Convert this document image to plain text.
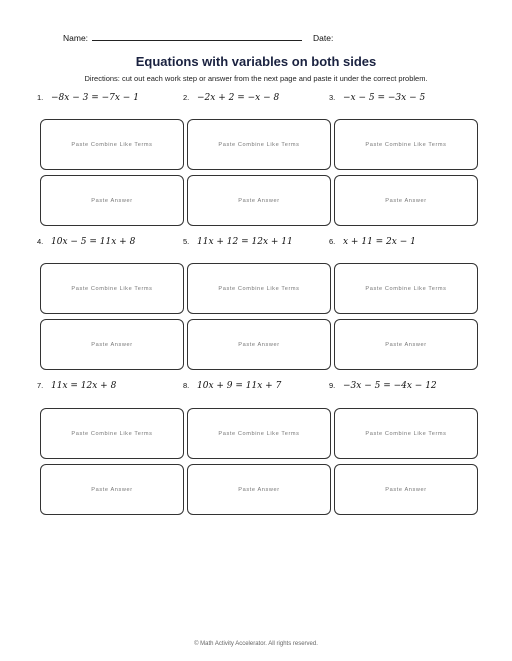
Name:	Date:
Equations with variables on both sides
Directions: cut out each work step or answer from the next page and paste it under the correct problem.
1. −8x − 3 = −7x − 1
Paste Combine Like Terms
Paste Answer
2. −2x + 2 = −x − 8
Paste Combine Like Terms
Paste Answer
3. −x − 5 = −3x − 5
Paste Combine Like Terms
Paste Answer
4. 10x − 5 = 11x + 8
Paste Combine Like Terms
Paste Answer
5. 11x + 12 = 12x + 11
Paste Combine Like Terms
Paste Answer
6. x + 11 = 2x − 1
Paste Combine Like Terms
Paste Answer
7. 11x = 12x + 8
Paste Combine Like Terms
Paste Answer
8. 10x + 9 = 11x + 7
Paste Combine Like Terms
Paste Answer
9. −3x − 5 = −4x − 12
Paste Combine Like Terms
Paste Answer
© Math Activity Accelerator. All rights reserved.
